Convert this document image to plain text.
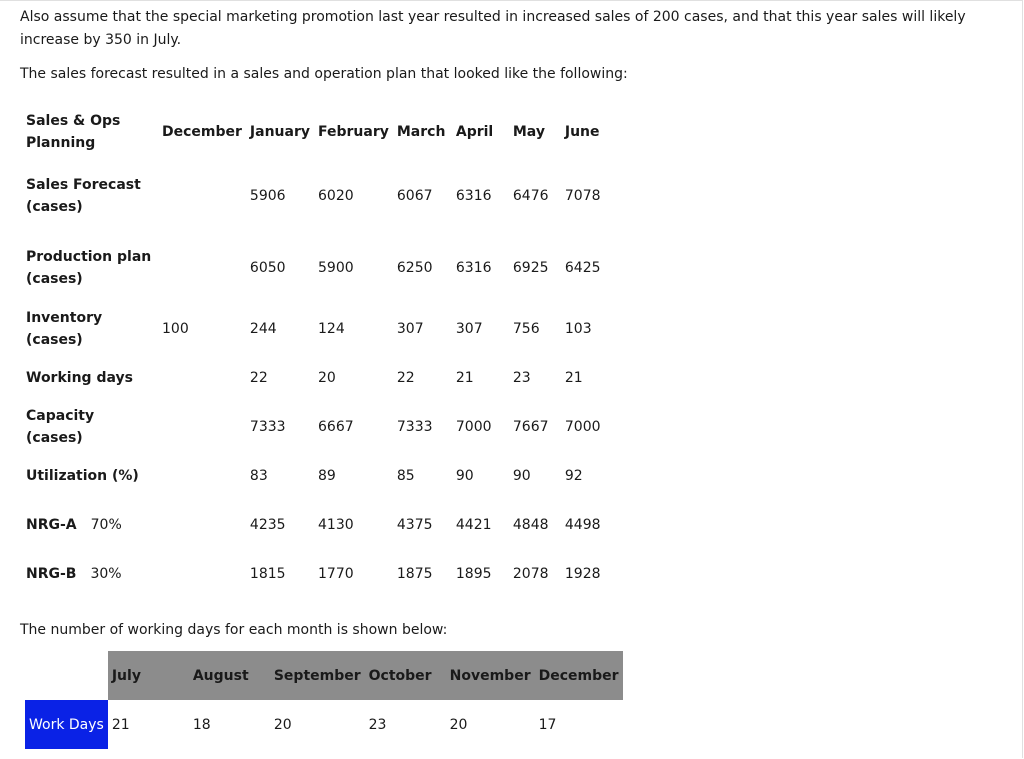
Also assume that the special marketing promotion last year resulted in increased sales of 200 cases, and that this year sales will likely increase by 350 in July.

The sales forecast resulted in a sales and operation plan that looked like the following:

Sales & Ops Planning	December	January	February	March	April	May	June
Sales Forecast (cases)		5906	6020	6067	6316	6476	7078
Production plan (cases)		6050	5900	6250	6316	6925	6425
Inventory (cases)	100	244	124	307	307	756	103
Working days		22	20	22	21	23	21
Capacity (cases)		7333	6667	7333	7000	7667	7000
Utilization (%)		83	89	85	90	90	92
NRG-A 70%		4235	4130	4375	4421	4848	4498
NRG-B 30%		1815	1770	1875	1895	2078	1928

The number of working days for each month is shown below:

	July	August	September	October	November	December
Work Days	21	18	20	23	20	17
